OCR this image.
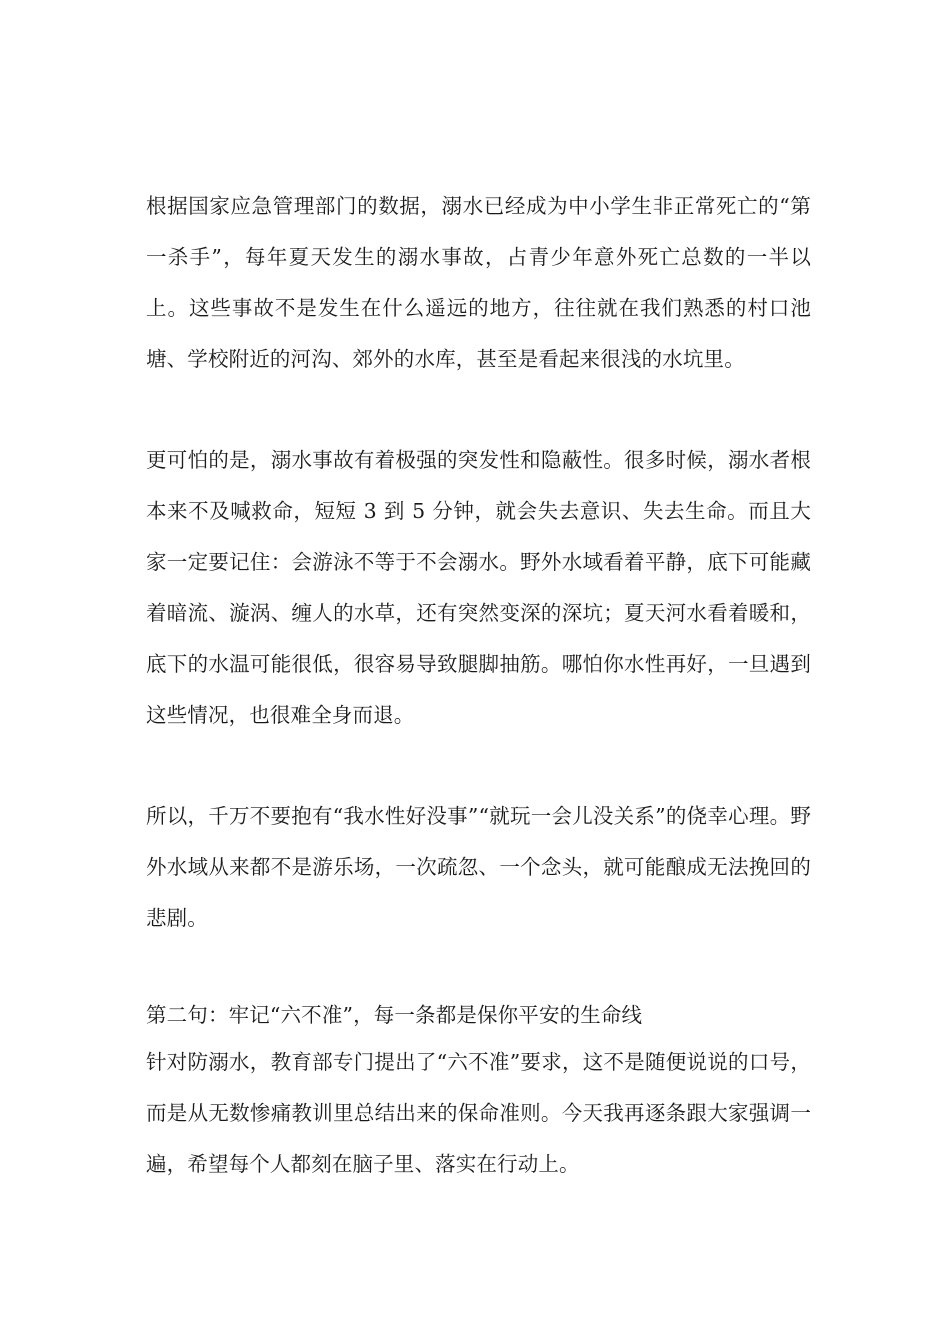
根据国家应急管理部门的数据，溺水已经成为中小学生非正常死亡的“第一杀手”，每年夏天发生的溺水事故，占青少年意外死亡总数的一半以上。这些事故不是发生在什么遥远的地方，往往就在我们熟悉的村口池塘、学校附近的河沟、郊外的水库，甚至是看起来很浅的水坑里。

更可怕的是，溺水事故有着极强的突发性和隐蔽性。很多时候，溺水者根本来不及喊救命，短短 3 到 5 分钟，就会失去意识、失去生命。而且大家一定要记住：会游泳不等于不会溺水。野外水域看着平静，底下可能藏着暗流、漩涡、缠人的水草，还有突然变深的深坑；夏天河水看着暖和，底下的水温可能很低，很容易导致腿脚抽筋。哪怕你水性再好，一旦遇到这些情况，也很难全身而退。

所以，千万不要抱有“我水性好没事”“就玩一会儿没关系”的侥幸心理。野外水域从来都不是游乐场，一次疏忽、一个念头，就可能酿成无法挽回的悲剧。

第二句：牢记“六不准”，每一条都是保你平安的生命线

针对防溺水，教育部专门提出了“六不准”要求，这不是随便说说的口号，而是从无数惨痛教训里总结出来的保命准则。今天我再逐条跟大家强调一遍，希望每个人都刻在脑子里、落实在行动上。
